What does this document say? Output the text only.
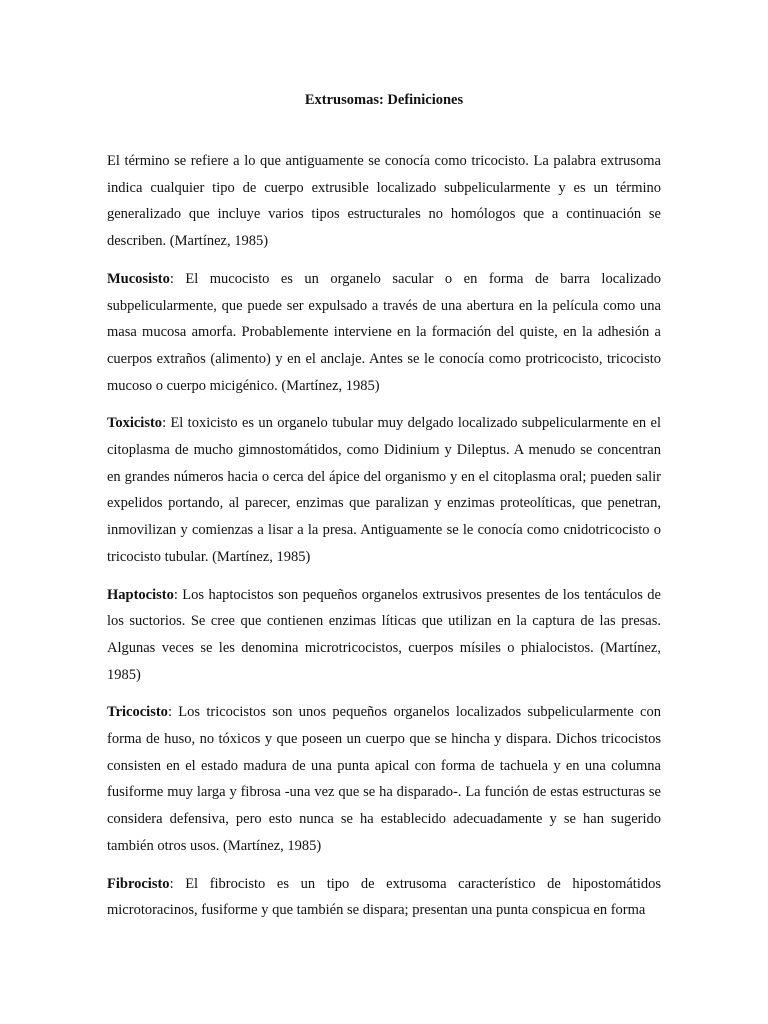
Extrusomas: Definiciones

El término se refiere a lo que antiguamente se conocía como tricocisto. La palabra extrusoma indica cualquier tipo de cuerpo extrusible localizado subpelicularmente y es un término generalizado que incluye varios tipos estructurales no homólogos que a continuación se describen. (Martínez, 1985)

Mucosisto: El mucocisto es un organelo sacular o en forma de barra localizado subpelicularmente, que puede ser expulsado a través de una abertura en la película como una masa mucosa amorfa. Probablemente interviene en la formación del quiste, en la adhesión a cuerpos extraños (alimento) y en el anclaje. Antes se le conocía como protricocisto, tricocisto mucoso o cuerpo micigénico. (Martínez, 1985)

Toxicisto: El toxicisto es un organelo tubular muy delgado localizado subpelicularmente en el citoplasma de mucho gimnostomátidos, como Didinium y Dileptus. A menudo se concentran en grandes números hacia o cerca del ápice del organismo y en el citoplasma oral; pueden salir expelidos portando, al parecer, enzimas que paralizan y enzimas proteolíticas, que penetran, inmovilizan y comienzas a lisar a la presa. Antiguamente se le conocía como cnidotricocisto o tricocisto tubular. (Martínez, 1985)

Haptocisto: Los haptocistos son pequeños organelos extrusivos presentes de los tentáculos de los suctorios. Se cree que contienen enzimas líticas que utilizan en la captura de las presas. Algunas veces se les denomina microtricocistos, cuerpos mísiles o phialocistos. (Martínez, 1985)

Tricocisto: Los tricocistos son unos pequeños organelos localizados subpelicularmente con forma de huso, no tóxicos y que poseen un cuerpo que se hincha y dispara. Dichos tricocistos consisten en el estado madura de una punta apical con forma de tachuela y en una columna fusiforme muy larga y fibrosa -una vez que se ha disparado-. La función de estas estructuras se considera defensiva, pero esto nunca se ha establecido adecuadamente y se han sugerido también otros usos. (Martínez, 1985)

Fibrocisto: El fibrocisto es un tipo de extrusoma característico de hipostomátidos microtoracinos, fusiforme y que también se dispara; presentan una punta conspicua en forma
